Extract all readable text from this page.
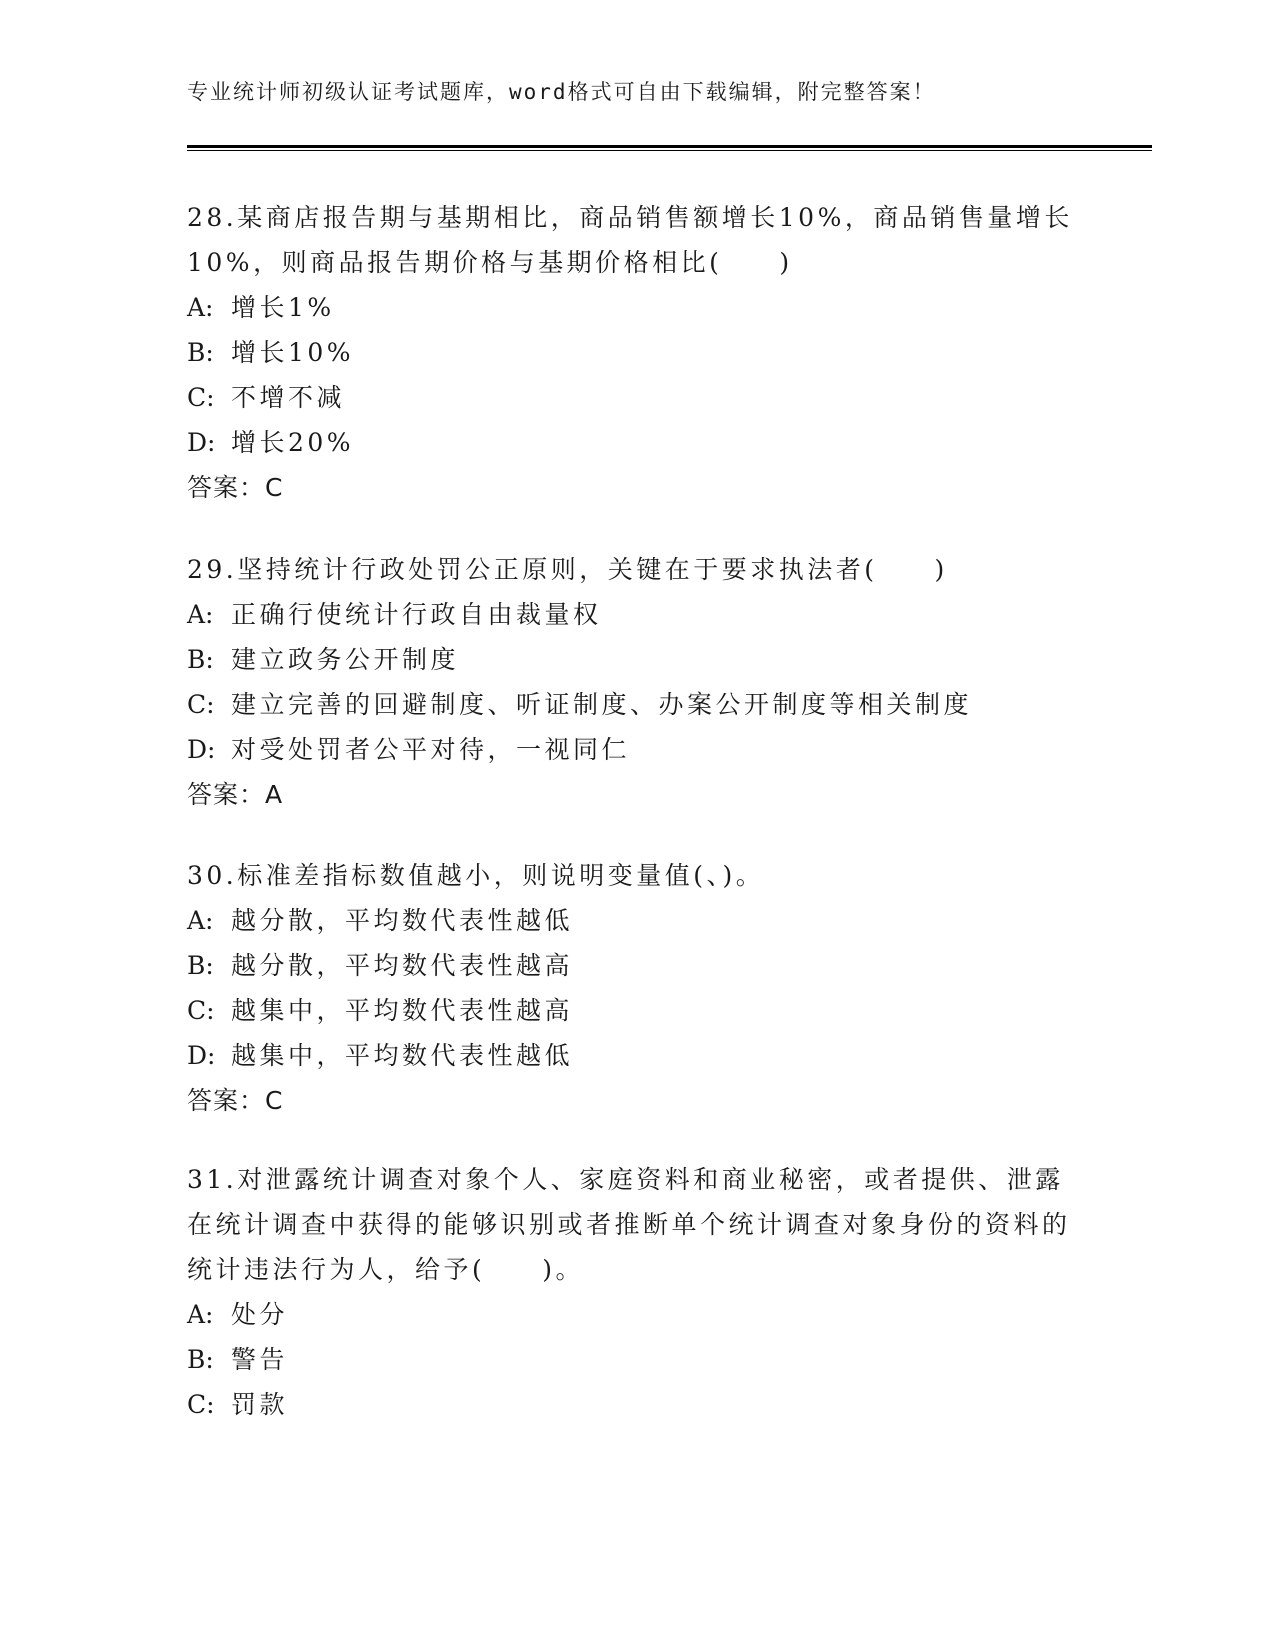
专业统计师初级认证考试题库，word格式可自由下载编辑，附完整答案！

28.某商店报告期与基期相比，商品销售额增长10%，商品销售量增长10%，则商品报告期价格与基期价格相比(　　)

A: 增长1%

B: 增长10%

C: 不增不减

D: 增长20%

答案：C

29.坚持统计行政处罚公正原则，关键在于要求执法者(　　)

A: 正确行使统计行政自由裁量权

B: 建立政务公开制度

C: 建立完善的回避制度、听证制度、办案公开制度等相关制度

D: 对受处罚者公平对待，一视同仁

答案：A

30.标准差指标数值越小，则说明变量值(、)。

A: 越分散，平均数代表性越低

B: 越分散，平均数代表性越高

C: 越集中，平均数代表性越高

D: 越集中，平均数代表性越低

答案：C

31.对泄露统计调查对象个人、家庭资料和商业秘密，或者提供、泄露在统计调查中获得的能够识别或者推断单个统计调查对象身份的资料的统计违法行为人，给予(　　)。

A: 处分

B: 警告

C: 罚款
